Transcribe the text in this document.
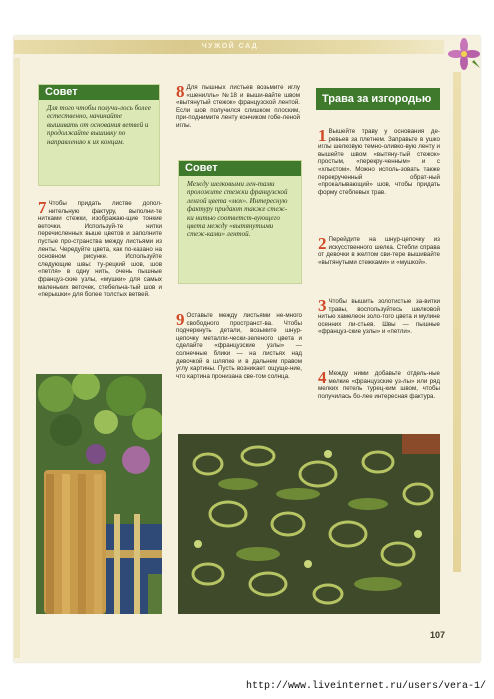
ЧУЖОЙ САД
Совет
Для того чтобы получи-лось более естественно, начинайте вышивать от основания ветвей и продолжайте вышивку по направлению к их концам.
7 Чтобы придать листве допол-нительную фактуру, выполни-те нитками стежки, изображаю-щие тонкие веточки. Используй-те нитки перечисленных выше цветов и заполните пустые про-странства между листьями из ленты. Чередуйте цвета, как по-казано на основном рисунке. Используйте следующие швы: ту-рецкий шов, шов «петля» в одну нить, очень пышные француз-ские узлы, «мушки» для самых маленьких веточек, стебельча-тый шов и «перышки» для более толстых ветвей.
8 Для пышных листьев возьмите иглу «шенилль» №18 и выши-вайте швом «вытянутый стежок» французской лентой. Если шов получился слишком плоским, при-поднимите ленту кончиком гобе-леной иглы.
Совет
Между шелковыми лен-тами проложите стежки французской ленгой цвета «мох». Интересную фактуру придают также стеж-ки нитью соответст-вующего цвета между «вытянутыми стеж-ками» лентой.
9 Оставьте между листьями не-много свободного пространст-ва. Чтобы подчеркнуть детали, возьмите шнур-цепочку металли-чески-зеленого цвета и сделайте «французские узлы» — солнечные блики — на листьях над девочкой в шляпке и в дальнем правом углу картины. Пусть возникает ощуще-ние, что картина пронизана све-том солнца.
Трава за изгородью
1 Вышейте траву у основания де-ревьев за плетнем. Заправьте в ушко иглы шелковую темно-оливко-вую ленту и вышейте швом «вытяну-тый стежок» простым, «перекру-ченным» и с «хлыстом». Можно исполь-зовать также перекрученный обрат-ный «прокалывающий» шов, чтобы придать форму стеблевых трав.
2 Перейдите на шнур-цепочку из искусственного шелка. Стебли справа от девочки в желтом сви-тере вышивайте «вытянутыми стежками» и «мушкой».
3 Чтобы вышить золотистые за-витки травы, воспользуйтесь шелковой нитью хамелеон золо-того цвета и мулине осенних ли-стьев. Швы — пышные «француз-ские узлы» и «петли».
4 Между ними добавьте отдель-ные мелкие «французские уз-лы» или ряд мелких петель турец-ким швом, чтобы получилась бо-лее интересная фактура.
107
http://www.liveinternet.ru/users/vera-1/
